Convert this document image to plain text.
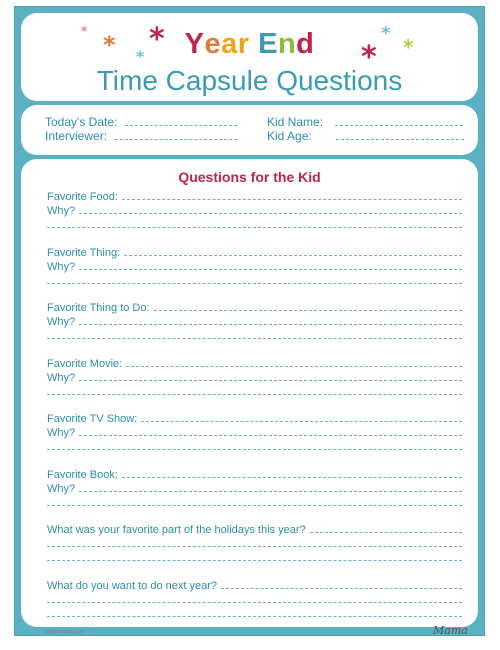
Year End
Time Capsule Questions
* * *
*
*
* *
Today's Date:
Interviewer:
Kid Name:
Kid Age:
Questions for the Kid
Favorite Food:
Why?
Favorite Thing:
Why?
Favorite Thing to Do:
Why?
Favorite Movie:
Why?
Favorite TV Show:
Why?
Favorite Book:
Why?
What was your favorite part of the holidays this year?
What do you want to do next year?
todaysmama.com	Mama
